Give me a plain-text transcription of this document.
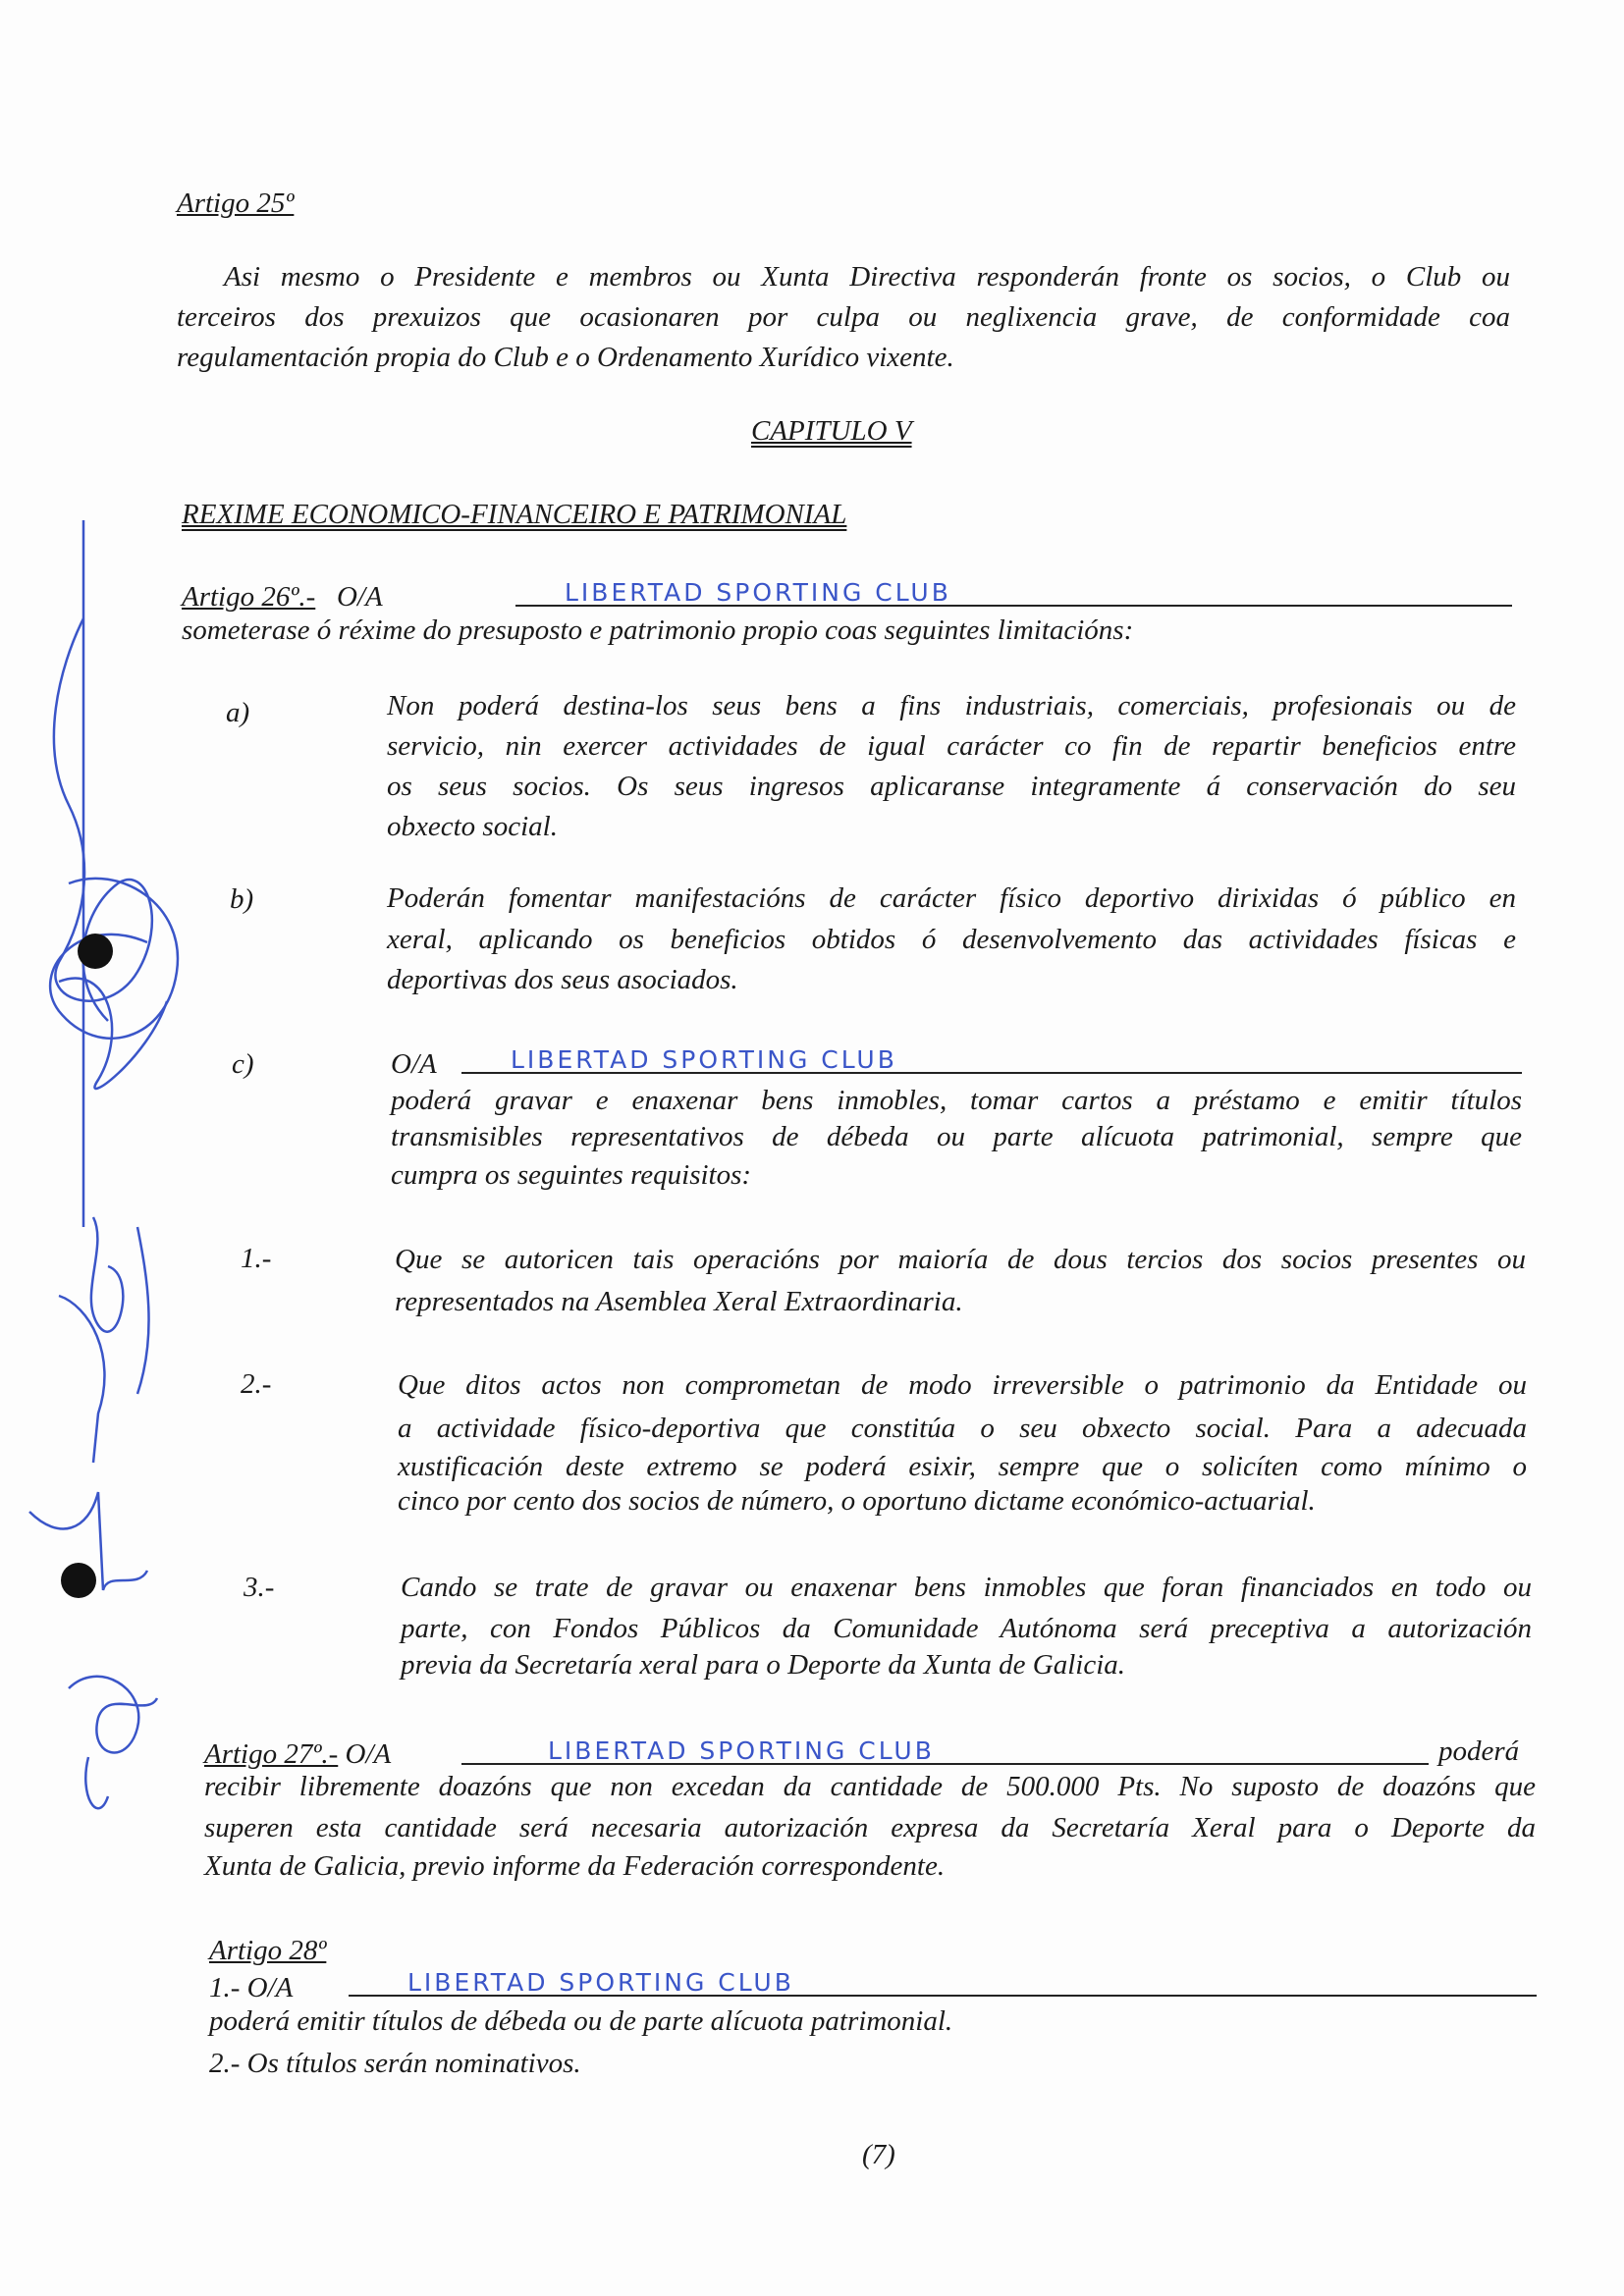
Artigo 25º
Asi mesmo o Presidente e membros ou Xunta Directiva responderán fronte os socios, o Club ou
terceiros dos prexuizos que ocasionaren por culpa ou neglixencia grave, de conformidade coa
regulamentación propia do Club e o Ordenamento Xurídico vixente.
CAPITULO V
REXIME ECONOMICO-FINANCEIRO E PATRIMONIAL
Artigo 26º.- O/A	LIBERTAD SPORTING CLUB
someterase ó réxime do presuposto e patrimonio propio coas seguintes limitacións:
a)	Non poderá destina-los seus bens a fins industriais, comerciais, profesionais ou de
servicio, nin exercer actividades de igual carácter co fin de repartir beneficios entre
os seus socios. Os seus ingresos aplicaranse integramente á conservación do seu
obxecto social.
b)	Poderán fomentar manifestacións de carácter físico deportivo dirixidas ó público en
xeral, aplicando os beneficios obtidos ó desenvolvemento das actividades físicas e
deportivas dos seus asociados.
c)	O/A	LIBERTAD SPORTING CLUB
poderá gravar e enaxenar bens inmobles, tomar cartos a préstamo e emitir títulos
transmisibles representativos de débeda ou parte alícuota patrimonial, sempre que
cumpra os seguintes requisitos:
1.-	Que se autoricen tais operacións por maioría de dous tercios dos socios presentes ou
representados na Asemblea Xeral Extraordinaria.
2.-	Que ditos actos non comprometan de modo irreversible o patrimonio da Entidade ou
a actividade físico-deportiva que constitúa o seu obxecto social. Para a adecuada
xustificación deste extremo se poderá esixir, sempre que o solicíten como mínimo o
cinco por cento dos socios de número, o oportuno dictame económico-actuarial.
3.-	Cando se trate de gravar ou enaxenar bens inmobles que foran financiados en todo ou
parte, con Fondos Públicos da Comunidade Autónoma será preceptiva a autorización
previa da Secretaría xeral para o Deporte da Xunta de Galicia.
Artigo 27º.- O/A	LIBERTAD SPORTING CLUB	poderá
recibir libremente doazóns que non excedan da cantidade de 500.000 Pts. No suposto de doazóns que
superen esta cantidade será necesaria autorización expresa da Secretaría Xeral para o Deporte da
Xunta de Galicia, previo informe da Federación correspondente.
Artigo 28º
1.- O/A	LIBERTAD SPORTING CLUB
poderá emitir títulos de débeda ou de parte alícuota patrimonial.
2.- Os títulos serán nominativos.
(7)
